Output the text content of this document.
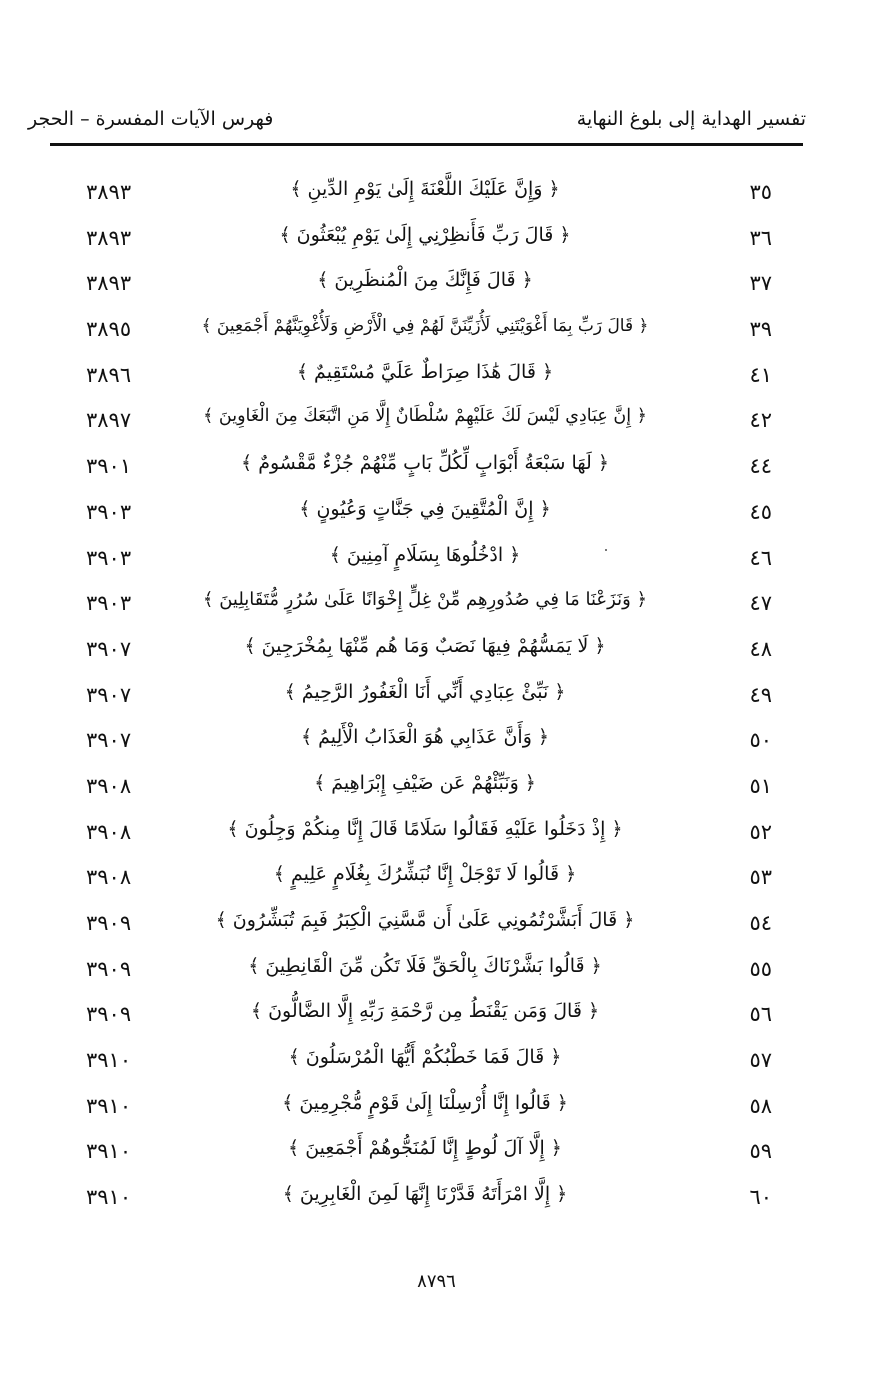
تفسير الهداية إلى بلوغ النهاية
فهرس الآيات المفسرة – الحجر
٣٥
﴿ وَإِنَّ عَلَيْكَ اللَّعْنَةَ إِلَىٰ يَوْمِ الدِّينِ ﴾
٣٨٩٣
٣٦
﴿ قَالَ رَبِّ فَأَنظِرْنِي إِلَىٰ يَوْمِ يُبْعَثُونَ ﴾
٣٨٩٣
٣٧
﴿ قَالَ فَإِنَّكَ مِنَ الْمُنظَرِينَ ﴾
٣٨٩٣
٣٩
﴿ قَالَ رَبِّ بِمَا أَغْوَيْتَنِي لَأُزَيِّنَنَّ لَهُمْ فِي الْأَرْضِ وَلَأُغْوِيَنَّهُمْ أَجْمَعِينَ ﴾
٣٨٩٥
٤١
﴿ قَالَ هَٰذَا صِرَاطٌ عَلَيَّ مُسْتَقِيمٌ ﴾
٣٨٩٦
٤٢
﴿ إِنَّ عِبَادِي لَيْسَ لَكَ عَلَيْهِمْ سُلْطَانٌ إِلَّا مَنِ اتَّبَعَكَ مِنَ الْغَاوِينَ ﴾
٣٨٩٧
٤٤
﴿ لَهَا سَبْعَةُ أَبْوَابٍ لِّكُلِّ بَابٍ مِّنْهُمْ جُزْءٌ مَّقْسُومٌ ﴾
٣٩٠١
٤٥
﴿ إِنَّ الْمُتَّقِينَ فِي جَنَّاتٍ وَعُيُونٍ ﴾
٣٩٠٣
٤٦
﴿ ادْخُلُوهَا بِسَلَامٍ آمِنِينَ ﴾
٣٩٠٣
٤٧
﴿ وَنَزَعْنَا مَا فِي صُدُورِهِم مِّنْ غِلٍّ إِخْوَانًا عَلَىٰ سُرُرٍ مُّتَقَابِلِينَ ﴾
٣٩٠٣
٤٨
﴿ لَا يَمَسُّهُمْ فِيهَا نَصَبٌ وَمَا هُم مِّنْهَا بِمُخْرَجِينَ ﴾
٣٩٠٧
٤٩
﴿ نَبِّئْ عِبَادِي أَنِّي أَنَا الْغَفُورُ الرَّحِيمُ ﴾
٣٩٠٧
٥٠
﴿ وَأَنَّ عَذَابِي هُوَ الْعَذَابُ الْأَلِيمُ ﴾
٣٩٠٧
٥١
﴿ وَنَبِّئْهُمْ عَن ضَيْفِ إِبْرَاهِيمَ ﴾
٣٩٠٨
٥٢
﴿ إِذْ دَخَلُوا عَلَيْهِ فَقَالُوا سَلَامًا قَالَ إِنَّا مِنكُمْ وَجِلُونَ ﴾
٣٩٠٨
٥٣
﴿ قَالُوا لَا تَوْجَلْ إِنَّا نُبَشِّرُكَ بِغُلَامٍ عَلِيمٍ ﴾
٣٩٠٨
٥٤
﴿ قَالَ أَبَشَّرْتُمُونِي عَلَىٰ أَن مَّسَّنِيَ الْكِبَرُ فَبِمَ تُبَشِّرُونَ ﴾
٣٩٠٩
٥٥
﴿ قَالُوا بَشَّرْنَاكَ بِالْحَقِّ فَلَا تَكُن مِّنَ الْقَانِطِينَ ﴾
٣٩٠٩
٥٦
﴿ قَالَ وَمَن يَقْنَطُ مِن رَّحْمَةِ رَبِّهِ إِلَّا الضَّالُّونَ ﴾
٣٩٠٩
٥٧
﴿ قَالَ فَمَا خَطْبُكُمْ أَيُّهَا الْمُرْسَلُونَ ﴾
٣٩١٠
٥٨
﴿ قَالُوا إِنَّا أُرْسِلْنَا إِلَىٰ قَوْمٍ مُّجْرِمِينَ ﴾
٣٩١٠
٥٩
﴿ إِلَّا آلَ لُوطٍ إِنَّا لَمُنَجُّوهُمْ أَجْمَعِينَ ﴾
٣٩١٠
٦٠
﴿ إِلَّا امْرَأَتَهُ قَدَّرْنَا إِنَّهَا لَمِنَ الْغَابِرِينَ ﴾
٣٩١٠
٨٧٩٦
